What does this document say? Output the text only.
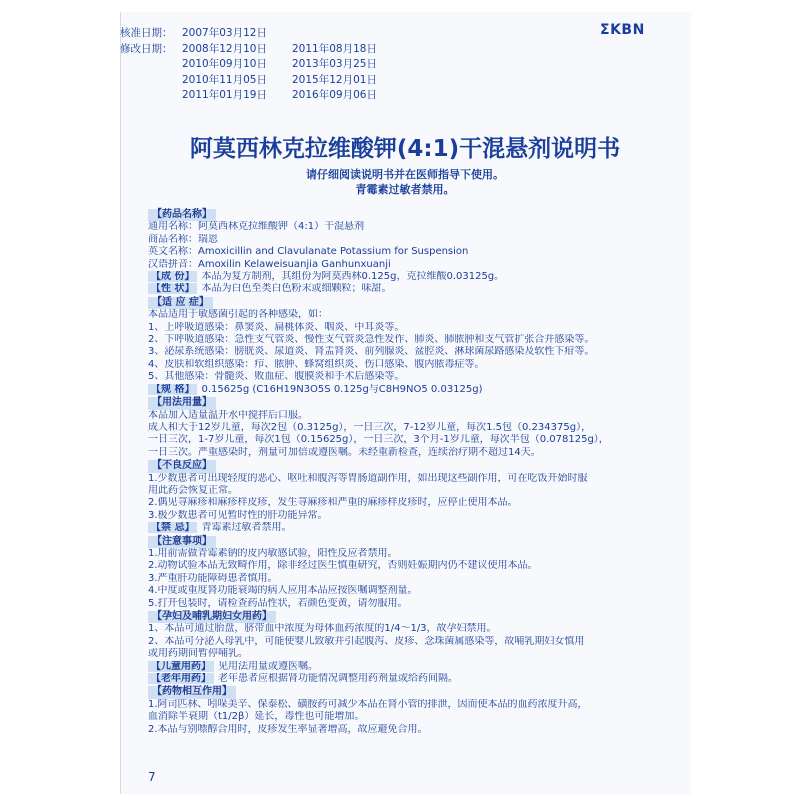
核准日期： 2007年03月12日
修改日期： 2008年12月10日	2011年08月18日
2010年09月10日	2013年03月25日
2010年11月05日	2015年12月01日
2011年01月19日	2016年09月06日
ΣKBN
阿莫西林克拉维酸钾(4:1)干混悬剂说明书
请仔细阅读说明书并在医师指导下使用。
青霉素过敏者禁用。
【药品名称】
通用名称：阿莫西林克拉维酸钾（4:1）干混悬剂
商品名称：瑞恩
英文名称：Amoxicillin and Clavulanate Potassium for Suspension
汉语拼音：Amoxilin Kelaweisuanjia Ganhunxuanji
【成 份】 本品为复方制剂，其组份为阿莫西林0.125g，克拉维酸0.03125g。
【性 状】 本品为白色至类白色粉末或细颗粒；味甜。
【适 应 症】
本品适用于敏感菌引起的各种感染，如：
1、上呼吸道感染：鼻窦炎、扁桃体炎、咽炎、中耳炎等。
2、下呼吸道感染：急性支气管炎、慢性支气管炎急性发作、肺炎、肺脓肿和支气管扩张合并感染等。
3、泌尿系统感染：膀胱炎、尿道炎、肾盂肾炎、前列腺炎、盆腔炎、淋球菌尿路感染及软性下疳等。
4、皮肤和软组织感染：疖、脓肿、蜂窝组织炎、伤口感染、腹内脓毒症等。
5、其他感染：骨髓炎、败血症、腹膜炎和手术后感染等。
【规 格】 0.15625g (C16H19N3O5S 0.125g与C8H9NO5 0.03125g)
【用法用量】
本品加入适量温开水中搅拌后口服。
成人和大于12岁儿童，每次2包（0.3125g），一日三次，7-12岁儿童，每次1.5包（0.234375g），
一日三次，1-7岁儿童，每次1包（0.15625g），一日三次，3个月-1岁儿童，每次半包（0.078125g），
一日三次。严重感染时，剂量可加倍或遵医嘱。未经重新检查，连续治疗期不超过14天。
【不良反应】
1.少数患者可出现轻度的恶心、呕吐和腹泻等胃肠道副作用，如出现这些副作用，可在吃饭开始时服
用此药会恢复正常。
2.偶见荨麻疹和麻疹样皮疹，发生荨麻疹和严重的麻疹样皮疹时，应停止使用本品。
3.极少数患者可见暂时性的肝功能异常。
【禁 忌】 青霉素过敏者禁用。
【注意事项】
1.用前需做青霉素钠的皮内敏感试验，阳性反应者禁用。
2.动物试验本品无致畸作用，除非经过医生慎重研究，否则妊娠期内仍不建议使用本品。
3.严重肝功能障碍患者慎用。
4.中度或重度肾功能衰竭的病人应用本品应按医嘱调整剂量。
5.打开包装时，请检查药品性状，若颜色变黄，请勿服用。
【孕妇及哺乳期妇女用药】
1、本品可通过胎盘，脐带血中浓度为母体血药浓度的1/4～1/3，故孕妇禁用。
2、本品可分泌入母乳中，可能使婴儿致敏并引起腹泻、皮疹、念珠菌属感染等，故哺乳期妇女慎用
或用药期间暂停哺乳。
【儿童用药】 见用法用量或遵医嘱。
【老年用药】 老年患者应根据肾功能情况调整用药剂量或给药间隔。
【药物相互作用】
1.阿司匹林、吲哚美辛、保泰松、磺胺药可减少本品在肾小管的排泄，因而使本品的血药浓度升高，
血消除半衰期（t1/2β）延长，毒性也可能增加。
2.本品与别嘌醇合用时，皮疹发生率显著增高，故应避免合用。
7
